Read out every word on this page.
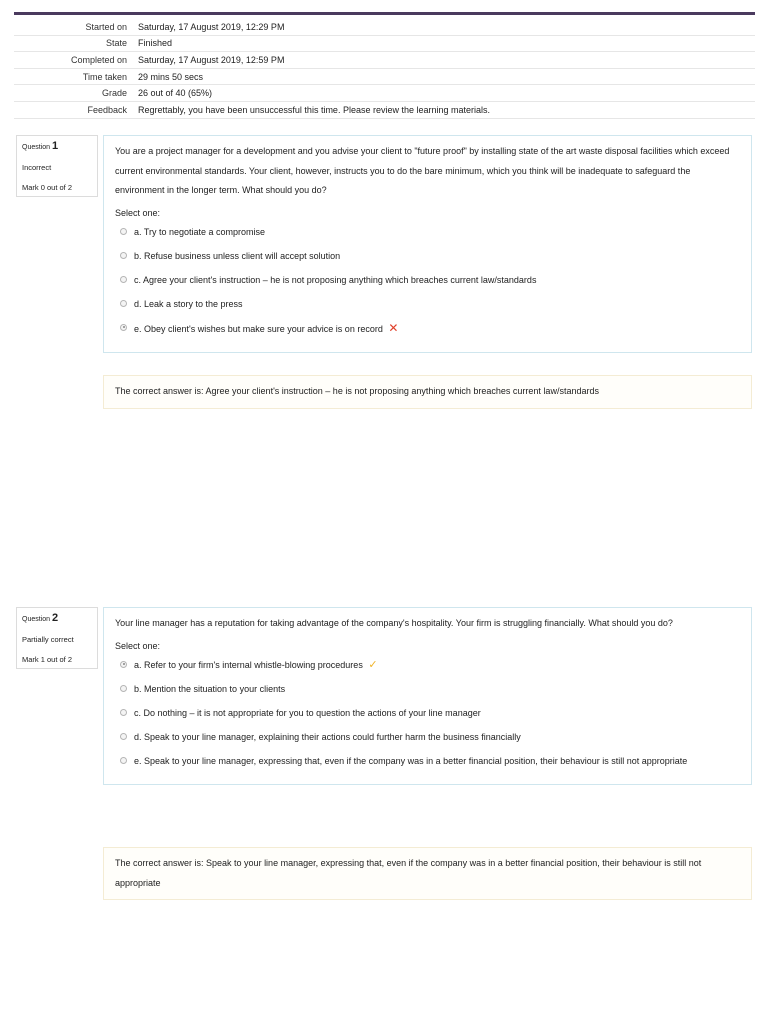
Started on	Saturday, 17 August 2019, 12:29 PM
State	Finished
Completed on	Saturday, 17 August 2019, 12:59 PM
Time taken	29 mins 50 secs
Grade	26 out of 40 (65%)
Feedback	Regrettably, you have been unsuccessful this time. Please review the learning materials.
Question 1
Incorrect
Mark 0 out of 2
You are a project manager for a development and you advise your client to "future proof" by installing state of the art waste disposal facilities which exceed current environmental standards. Your client, however, instructs you to do the bare minimum, which you think will be inadequate to safeguard the environment in the longer term. What should you do?
Select one:
a. Try to negotiate a compromise
b. Refuse business unless client will accept solution
c. Agree your client's instruction – he is not proposing anything which breaches current law/standards
d. Leak a story to the press
e. Obey client's wishes but make sure your advice is on record ✕
The correct answer is: Agree your client's instruction – he is not proposing anything which breaches current law/standards
Question 2
Partially correct
Mark 1 out of 2
Your line manager has a reputation for taking advantage of the company's hospitality. Your firm is struggling financially. What should you do?
Select one:
a. Refer to your firm's internal whistle-blowing procedures ✓
b. Mention the situation to your clients
c. Do nothing – it is not appropriate for you to question the actions of your line manager
d. Speak to your line manager, explaining their actions could further harm the business financially
e. Speak to your line manager, expressing that, even if the company was in a better financial position, their behaviour is still not appropriate
The correct answer is: Speak to your line manager, expressing that, even if the company was in a better financial position, their behaviour is still not appropriate
